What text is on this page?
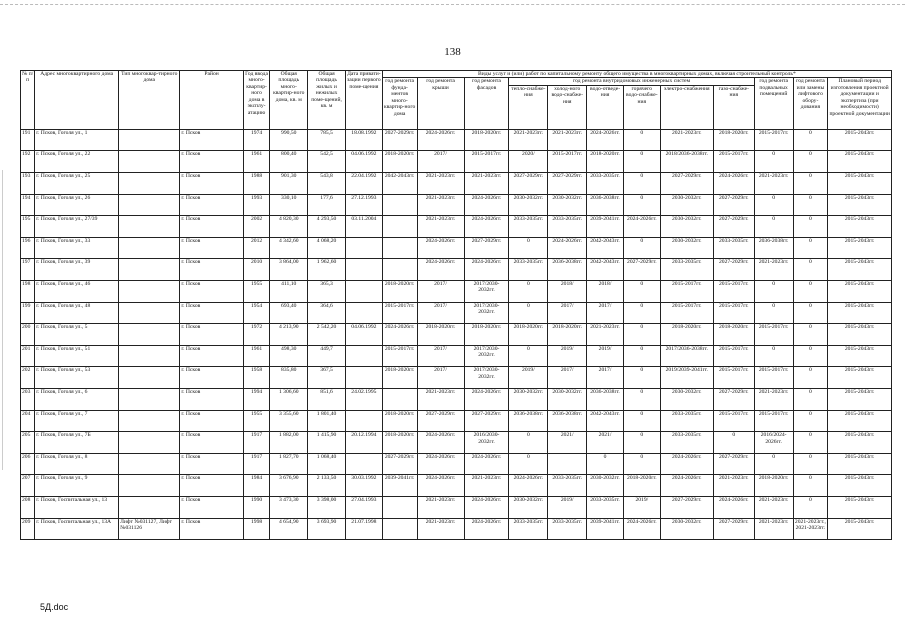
138
№ п/п	Адрес многоквартирного дома	Тип многоквар-тирного дома	Район	Год ввода много-квартир-ного дома в эксплу-атацию	Общая площадь много-квартир-ного дома, кв. м	Общая площадь жилых и нежилых поме-щений, кв. м	Дата привати-зации первого поме-щения	Виды услуг и (или) работ по капитальному ремонту общего имущества в многоквартирных домах, включая строительный контроль*											
								год ремонта фунда-ментов много-квартир-ного дома	год ремонта крыши	год ремонта фасадов	год ремонта внутридомовых инженерных систем						год ремонта подвальных помещений	год ремонта или замены лифтового обору-дования	Плановый период изготовления проектной документации и экспертиза (при необходимости) проектной документации
											тепло-снабже-ния	холод-ного водо-снабже-ния	водо-отведе-ния	горячего водо-снабже-ния	электро-снабжения	газо-снабже-ния			
191	г. Псков, Гоголя ул., 1		г. Псков	1974	990,50	785,5	18.08.1992	2027-2029гг.	2024-2026гг.	2018-2020гг.	2021-2023гг.	2021-2023гг.	2024-2026гг.	0	2021-2023гг.	2018-2020гг.	2015-2017гг.	0	2015-2043гг.
192	г. Псков, Гоголя ул., 22		г. Псков	1961	800,40	542,5	04.06.1992	2018-2020гг.	2017/	2015-2017гг.	2020/	2015-2017гг.	2018-2020гг.	0	2018/2036-2038гг.	2015-2017гг.	0	0	2015-2043гг.
193	г. Псков, Гоголя ул., 25		г. Псков	1988	901,30	543,8	22.04.1992	2042-2043гг.	2021-2023гг.	2021-2023гг.	2027-2029гг.	2027-2029гг.	2033-2035гг.	0	2027-2029гг.	2024-2026гг.	2021-2023гг.	0	2015-2043гг.
194	г. Псков, Гоголя ул., 26		г. Псков	1993	330,10	177,6	27.12.1993		2021-2023гг.	2024-2026гг.	2030-2032гг.	2030-2032гг.	2036-2038гг.	0	2030-2032гг.	2027-2029гг.	0	0	2015-2043гг.
195	г. Псков, Гоголя ул., 27/39		г. Псков	2002	4 820,30	4 293,50	03.11.2004		2021-2023гг.	2024-2026гг.	2033-2035гг.	2033-2035гг.	2039-2041гг.	2024-2026гг.	2030-2032гг.	2027-2029гг.	0	0	2015-2043гг.
196	г. Псков, Гоголя ул., 33		г. Псков	2012	4 342,60	4 068,20			2024-2026гг.	2027-2029гг.	0	2024-2026гг.	2042-2043гг.	0	2030-2032гг.	2033-2035гг.	2036-2038гг.	0	2015-2043гг.
197	г. Псков, Гоголя ул., 39		г. Псков	2010	3 864,00	1 962,60			2024-2026гг.	2024-2026гг.	2033-2035гг.	2036-2038гг.	2042-2043гг.	2027-2029гг.	2033-2035гг.	2027-2029гг.	2021-2023гг.	0	2015-2043гг.
198	г. Псков, Гоголя ул., 46		г. Псков	1955	411,10	365,3		2018-2020гг.	2017/	2017/2030-2032гг.	0	2018/	2018/	0	2015-2017гг.	2015-2017гг.	0	0	2015-2043гг.
199	г. Псков, Гоголя ул., 48		г. Псков	1954	693,40	364,6		2015-2017гг.	2017/	2017/2030-2032гг.	0	2017/	2017/	0	2015-2017гг.	2015-2017гг.	0	0	2015-2043гг.
200	г. Псков, Гоголя ул., 5		г. Псков	1972	4 213,90	2 542,20	04.06.1992	2024-2026гг.	2018-2020гг.	2018-2020гг.	2018-2020гг.	2018-2020гг.	2021-2023гг.	0	2018-2020гг.	2018-2020гг.	2015-2017гг.	0	2015-2043гг.
201	г. Псков, Гоголя ул., 51		г. Псков	1961	498,30	449,7		2015-2017гг.	2017/	2017/2030-2032гг.	0	2019/	2019/	0	2017/2036-2038гг.	2015-2017гг.	0	0	2015-2043гг.
202	г. Псков, Гоголя ул., 53		г. Псков	1958	835,80	367,5		2018-2020гг.	2017/	2017/2030-2032гг.	2019/	2017/	2017/	0	2019/2039-2041гг.	2015-2017гг.	2015-2017гг.	0	2015-2043гг.
203	г. Псков, Гоголя ул., 6		г. Псков	1994	1 306,60	851,6	24.02.1995		2021-2023гг.	2024-2026гг.	2030-2032гг.	2030-2032гг.	2036-2038гг.	0	2030-2032гг.	2027-2029гг.	2021-2023гг.	0	2015-2043гг.
204	г. Псков, Гоголя ул., 7		г. Псков	1955	3 355,60	1 801,40		2018-2020гг.	2027-2029гг.	2027-2029гг.	2036-2038гг.	2036-2038гг.	2042-2043гг.	0	2033-2035гг.	2015-2017гг.	2015-2017гг.	0	2015-2043гг.
205	г. Псков, Гоголя ул., 7Б		г. Псков	1917	1 882,00	1 415,90	20.12.1994	2018-2020гг.	2024-2026гг.	2016/2030-2032гг.	0	2021/	2021/	0	2033-2035гг.	0	2016/2024-2026гг.	0	2015-2043гг.
206	г. Псков, Гоголя ул., 8		г. Псков	1917	1 827,70	1 068,40		2027-2029гг.	2024-2026гг.	2024-2026гг.	0		0	0	2024-2026гг.	2027-2029гг.	0	0	2015-2043гг.
207	г. Псков, Гоголя ул., 9		г. Псков	1984	3 676,90	2 133,50	30.03.1992	2039-2041гг.	2024-2026гг.	2021-2023гг.	2024-2026гг.	2033-2035гг.	2030-2032гг.	2018-2020гг.	2024-2026гг.	2021-2023гг.	2018-2020гг.	0	2015-2043гг.
208	г. Псков, Госпитальная ул., 13		г. Псков	1990	3 473,30	3 398,00	27.04.1993		2021-2023гг.	2024-2026гг.	2030-2032гг.	2019/	2033-2035гг.	2019/	2027-2029гг.	2024-2026гг.	2021-2023гг.	0	2015-2043гг.
209	г. Псков, Госпитальная ул., 13А	Лифт №031127, Лифт №031126	г. Псков	1998	4 654,90	3 693,90	21.07.1998		2021-2023гг.	2024-2026гг.	2033-2035гг.	2033-2035гг.	2039-2041гг.	2024-2026гг.	2030-2032гг.	2027-2029гг.	2021-2023гг.	2021-2023гг., 2021-2023гг.	2015-2043гг.
5Д.doc
